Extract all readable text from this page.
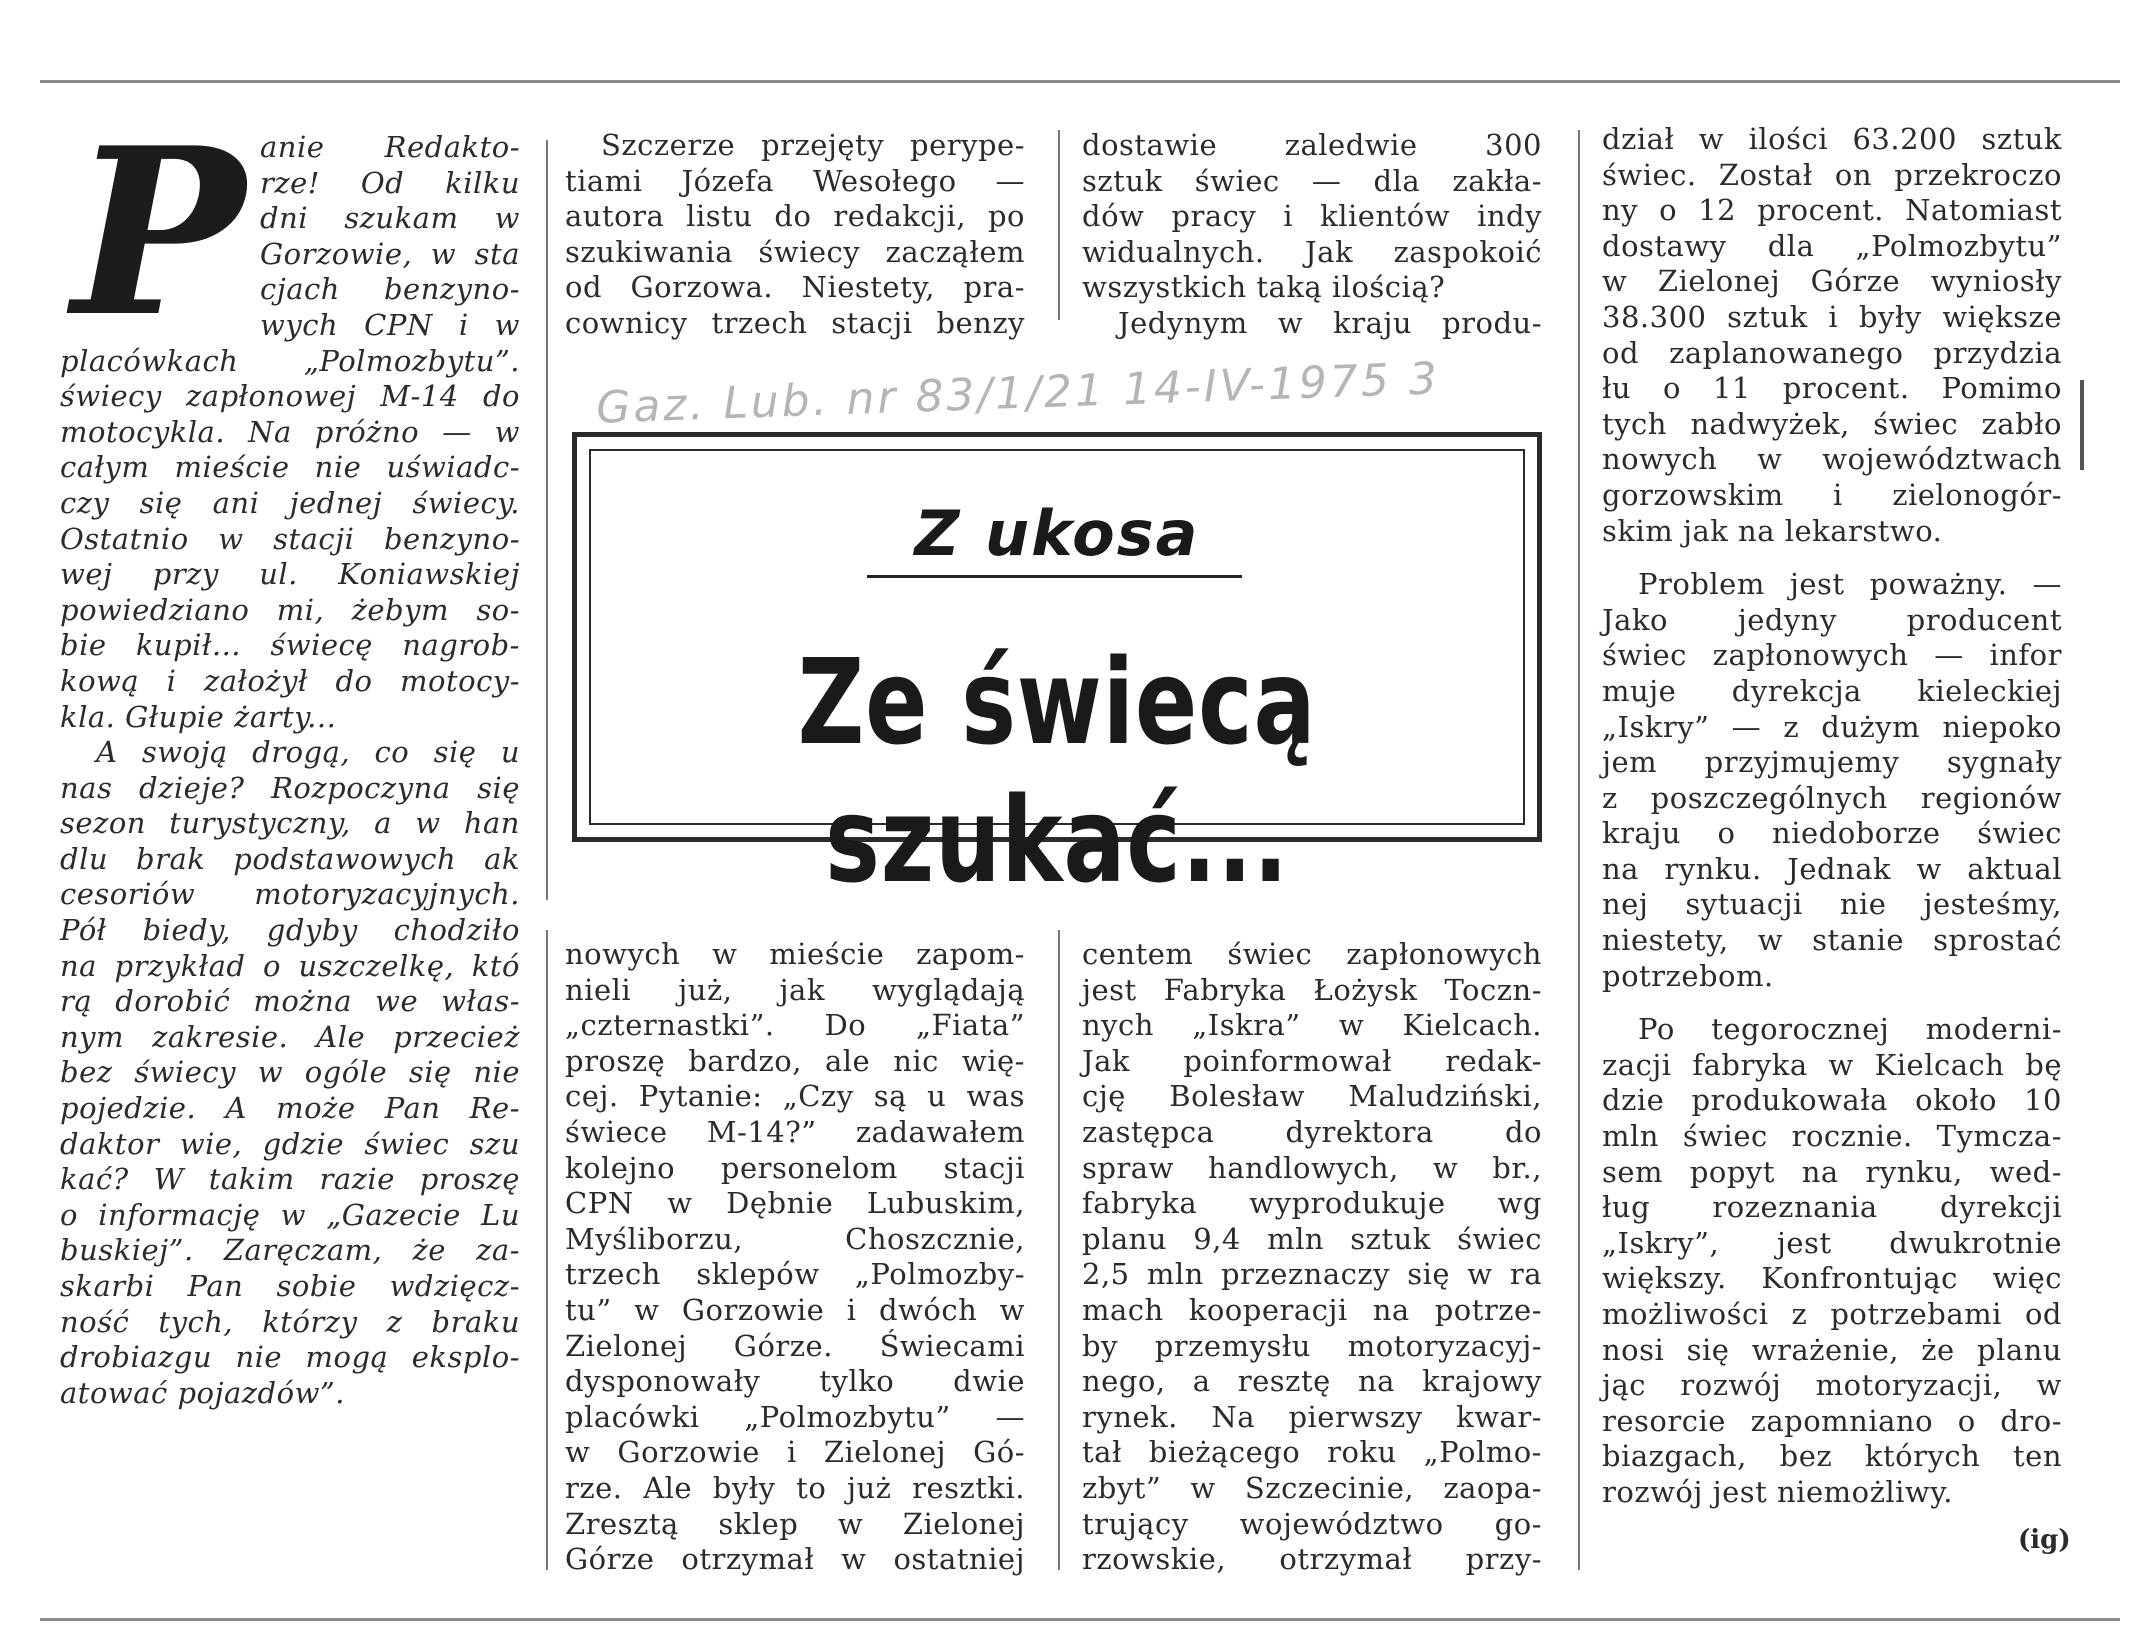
P anie Redakto-
rze! Od kilku
dni szukam w
Gorzowie, w sta
cjach benzyno-
wych CPN i w
placówkach „Polmozbytu”.
świecy zapłonowej M-14 do
motocykla. Na próżno — w
całym mieście nie uświadc-
czy się ani jednej świecy.
Ostatnio w stacji benzyno-
wej przy ul. Koniawskiej
powiedziano mi, żebym so-
bie kupił... świecę nagrob-
kową i założył do motocy-
kla. Głupie żarty...
A swoją drogą, co się u
nas dzieje? Rozpoczyna się
sezon turystyczny, a w han
dlu brak podstawowych ak
cesoriów motoryzacyjnych.
Pół biedy, gdyby chodziło
na przykład o uszczelkę, któ
rą dorobić można we włas-
nym zakresie. Ale przecież
bez świecy w ogóle się nie
pojedzie. A może Pan Re-
daktor wie, gdzie świec szu
kać? W takim razie proszę
o informację w „Gazecie Lu
buskiej”. Zaręczam, że za-
skarbi Pan sobie wdzięcz-
ność tych, którzy z braku
drobiazgu nie mogą eksplo-
atować pojazdów”.
Szczerze przejęty perype-
tiami Józefa Wesołego —
autora listu do redakcji, po
szukiwania świecy zacząłem
od Gorzowa. Niestety, pra-
cownicy trzech stacji benzy
dostawie zaledwie 300
sztuk świec — dla zakła-
dów pracy i klientów indy
widualnych. Jak zaspokoić
wszystkich taką ilością?
Jedynym w kraju produ-
Gaz. Lub. nr 83/1/21 14-IV-1975 3
Z ukosa
Ze świecą szukać...
nowych w mieście zapom-
nieli już, jak wyglądają
„czternastki”. Do „Fiata”
proszę bardzo, ale nic wię-
cej. Pytanie: „Czy są u was
świece M-14?” zadawałem
kolejno personelom stacji
CPN w Dębnie Lubuskim,
Myśliborzu, Choszcznie,
trzech sklepów „Polmozby-
tu” w Gorzowie i dwóch w
Zielonej Górze. Świecami
dysponowały tylko dwie
placówki „Polmozbytu” —
w Gorzowie i Zielonej Gó-
rze. Ale były to już resztki.
Zresztą sklep w Zielonej
Górze otrzymał w ostatniej
centem świec zapłonowych
jest Fabryka Łożysk Toczn-
nych „Iskra” w Kielcach.
Jak poinformował redak-
cję Bolesław Maludziński,
zastępca dyrektora do
spraw handlowych, w br.,
fabryka wyprodukuje wg
planu 9,4 mln sztuk świec
2,5 mln przeznaczy się w ra
mach kooperacji na potrze-
by przemysłu motoryzacyj-
nego, a resztę na krajowy
rynek. Na pierwszy kwar-
tał bieżącego roku „Polmo-
zbyt” w Szczecinie, zaopa-
trujący województwo go-
rzowskie, otrzymał przy-
dział w ilości 63.200 sztuk
świec. Został on przekroczo
ny o 12 procent. Natomiast
dostawy dla „Polmozbytu”
w Zielonej Górze wyniosły
38.300 sztuk i były większe
od zaplanowanego przydzia
łu o 11 procent. Pomimo
tych nadwyżek, świec zabło
nowych w województwach
gorzowskim i zielonogór-
skim jak na lekarstwo.

Problem jest poważny. —
Jako jedyny producent
świec zapłonowych — infor
muje dyrekcja kieleckiej
„Iskry” — z dużym niepoko
jem przyjmujemy sygnały
z poszczególnych regionów
kraju o niedoborze świec
na rynku. Jednak w aktual
nej sytuacji nie jesteśmy,
niestety, w stanie sprostać
potrzebom.

Po tegorocznej moderni-
zacji fabryka w Kielcach bę
dzie produkowała około 10
mln świec rocznie. Tymcza-
sem popyt na rynku, wed-
ług rozeznania dyrekcji
„Iskry”, jest dwukrotnie
większy. Konfrontując więc
możliwości z potrzebami od
nosi się wrażenie, że planu
jąc rozwój motoryzacji, w
resorcie zapomniano o dro-
biazgach, bez których ten
rozwój jest niemożliwy.
(ig)
